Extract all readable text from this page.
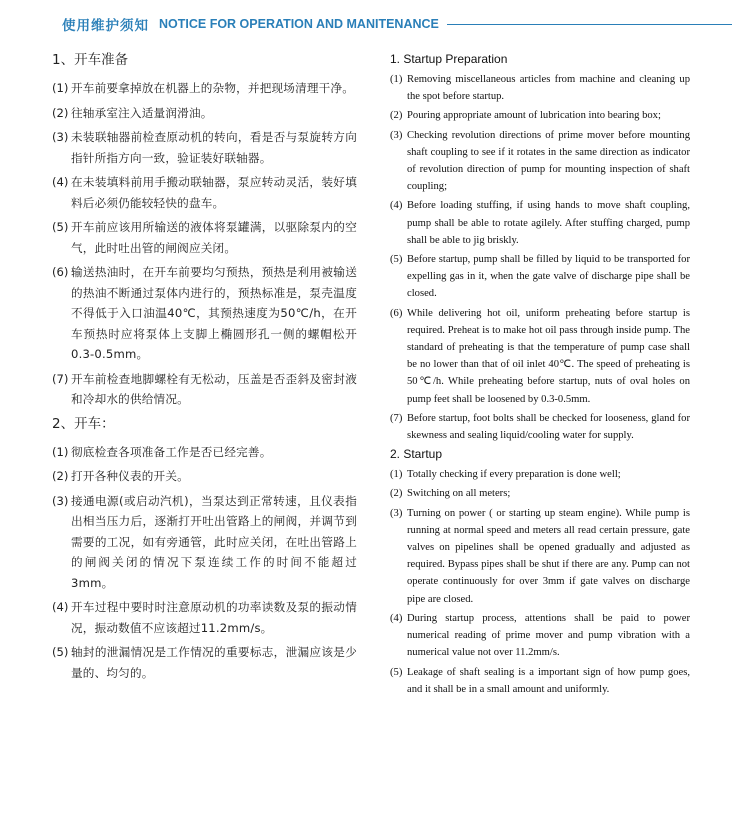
使用维护须知 NOTICE FOR OPERATION AND MANITENANCE
1、开车准备
(1) 开车前要拿掉放在机器上的杂物，并把现场清理干净。
(2) 往轴承室注入适量润滑油。
(3) 未装联轴器前检查原动机的转向，看是否与泵旋转方向指针所指方向一致，验证装好联轴器。
(4) 在未装填料前用手搬动联轴器，泵应转动灵活，装好填料后必须仍能较轻快的盘车。
(5) 开车前应该用所输送的液体将泵罐满，以驱除泵内的空气，此时吐出管的闸阀应关闭。
(6) 输送热油时，在开车前要均匀预热，预热是利用被输送的热油不断通过泵体内进行的，预热标准是，泵壳温度不得低于入口油温40℃，其预热速度为50℃/h，在开车预热时应将泵体上支脚上椭圆形孔一侧的螺帽松开0.3-0.5mm。
(7) 开车前检查地脚螺栓有无松动，压盖是否歪斜及密封液和冷却水的供给情况。
2、开车：
(1) 彻底检查各项准备工作是否已经完善。
(2) 打开各种仪表的开关。
(3) 接通电源(或启动汽机)，当泵达到正常转速，且仪表指出相当压力后，逐渐打开吐出管路上的闸阀，并调节到需要的工况，如有旁通管，此时应关闭，在吐出管路上的闸阀关闭的情况下泵连续工作的时间不能超过3mm。
(4) 开车过程中要时时注意原动机的功率读数及泵的振动情况，振动数值不应该超过11.2mm/s。
(5) 轴封的泄漏情况是工作情况的重要标志，泄漏应该是少量的、均匀的。
1. Startup Preparation
(1) Removing miscellaneous articles from machine and cleaning up the spot before startup.
(2) Pouring appropriate amount of lubrication into bearing box;
(3) Checking revolution directions of prime mover before mounting shaft coupling to see if it rotates in the same direction as indicator of revolution direction of pump for mounting inspection of shaft coupling;
(4) Before loading stuffing, if using hands to move shaft coupling, pump shall be able to rotate agilely. After stuffing charged, pump shall be able to jig briskly.
(5) Before startup, pump shall be filled by liquid to be transported for expelling gas in it, when the gate valve of discharge pipe shall be closed.
(6) While delivering hot oil, uniform preheating before startup is required. Preheat is to make hot oil pass through inside pump. The standard of preheating is that the temperature of pump case shall be no lower than that of oil inlet 40℃. The speed of preheating is 50℃/h. While preheating before startup, nuts of oval holes on pump feet shall be loosened by 0.3-0.5mm.
(7) Before startup, foot bolts shall be checked for looseness, gland for skewness and sealing liquid/cooling water for supply.
2. Startup
(1) Totally checking if every preparation is done well;
(2) Switching on all meters;
(3) Turning on power ( or starting up steam engine). While pump is running at normal speed and meters all read certain pressure, gate valves on pipelines shall be opened gradually and adjusted as required. Bypass pipes shall be shut if there are any. Pump can not operate continuously for over 3mm if gate valves on discharge pipe are closed.
(4) During startup process, attentions shall be paid to power numerical reading of prime mover and pump vibration with a numerical value not over 11.2mm/s.
(5) Leakage of shaft sealing is a important sign of how pump goes, and it shall be in a small amount and uniformly.
